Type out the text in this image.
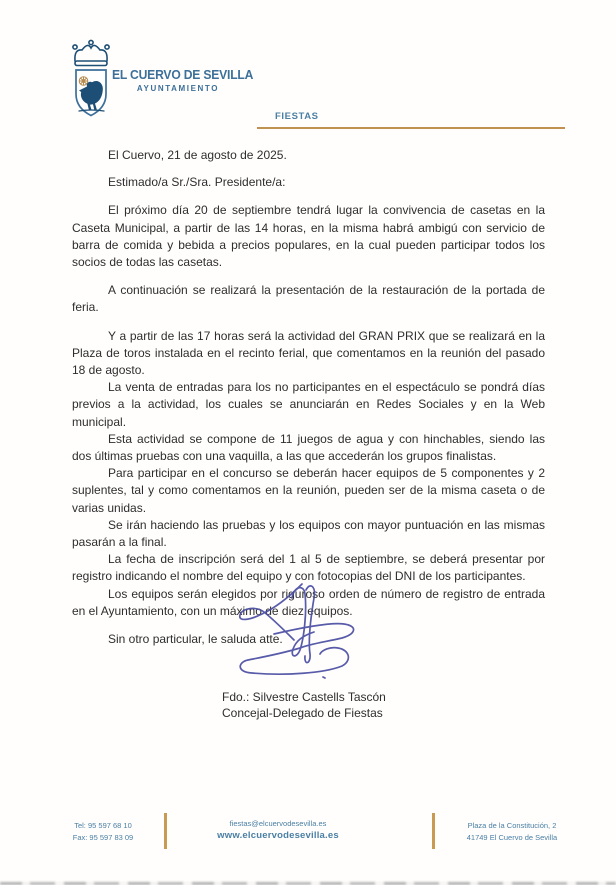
EL CUERVO DE SEVILLA
AYUNTAMIENTO
FIESTAS

El Cuervo, 21 de agosto de 2025.

Estimado/a Sr./Sra. Presidente/a:

El próximo día 20 de septiembre tendrá lugar la convivencia de casetas en la Caseta Municipal, a partir de las 14 horas, en la misma habrá ambigú con servicio de barra de comida y bebida a precios populares, en la cual pueden participar todos los socios de todas las casetas.

A continuación se realizará la presentación de la restauración de la portada de feria.

Y a partir de las 17 horas será la actividad del GRAN PRIX que se realizará en la Plaza de toros instalada en el recinto ferial, que comentamos en la reunión del pasado 18 de agosto.

La venta de entradas para los no participantes en el espectáculo se pondrá días previos a la actividad, los cuales se anunciarán en Redes Sociales y en la Web municipal.

Esta actividad se compone de 11 juegos de agua y con hinchables, siendo las dos últimas pruebas con una vaquilla, a las que accederán los grupos finalistas.

Para participar en el concurso se deberán hacer equipos de 5 componentes y 2 suplentes, tal y como comentamos en la reunión, pueden ser de la misma caseta o de varias unidas.

Se irán haciendo las pruebas y los equipos con mayor puntuación en las mismas pasarán a la final.

La fecha de inscripción será del 1 al 5 de septiembre, se deberá presentar por registro indicando el nombre del equipo y con fotocopias del DNI de los participantes.

Los equipos serán elegidos por riguroso orden de número de registro de entrada en el Ayuntamiento, con un máximo de diez equipos.

Sin otro particular, le saluda atte.

Fdo.: Silvestre Castells Tascón
Concejal-Delegado de Fiestas
Tel: 95 597 68 10
Fax: 95 597 83 09
fiestas@elcuervodesevilla.es
www.elcuervodesevilla.es
Plaza de la Constitución, 2
41749 El Cuervo de Sevilla
